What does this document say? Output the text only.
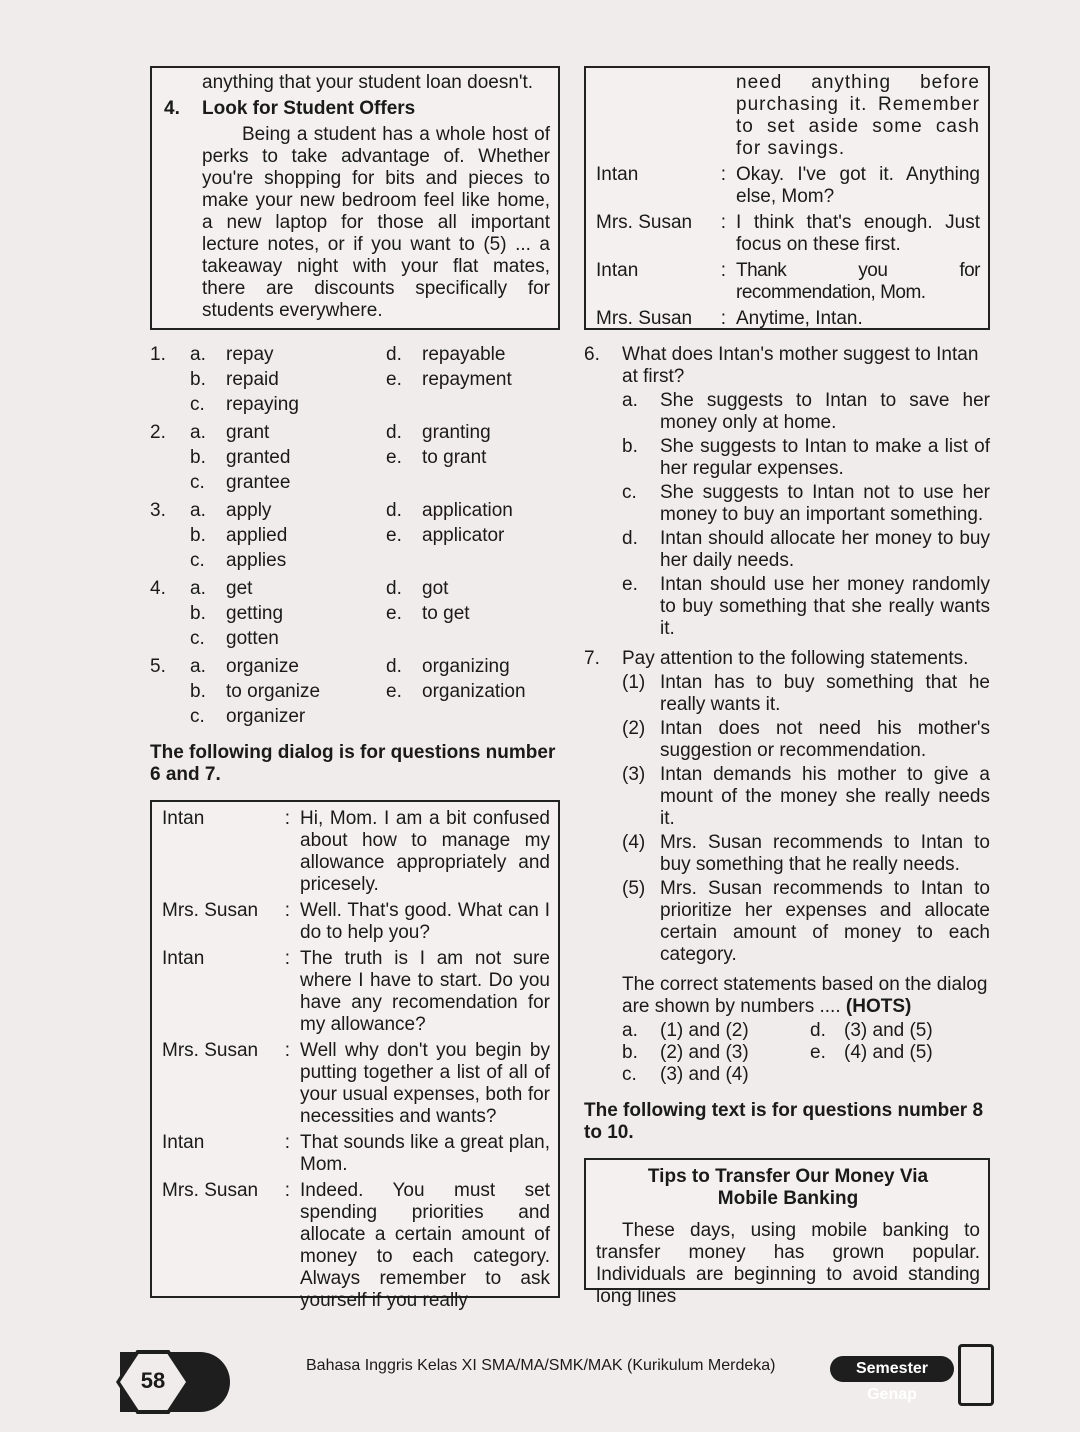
anything that your student loan doesn't.

4. Look for Student Offers

Being a student has a whole host of perks to take advantage of. Whether you're shopping for bits and pieces to make your new bedroom feel like home, a new laptop for those all important lecture notes, or if you want to (5) ... a takeaway night with your flat mates, there are discounts specifically for students everywhere.

1.	a.	repay	d.	repayable
b.	repaid	e.	repayment
c.	repaying
2.	a.	grant	d.	granting
b.	granted	e.	to grant
c.	grantee
3.	a.	apply	d.	application
b.	applied	e.	applicator
c.	applies
4.	a.	get	d.	got
b.	getting	e.	to get
c.	gotten
5.	a.	organize	d.	organizing
b.	to organize	e.	organization
c.	organizer

The following dialog is for questions number 6 and 7.

Intan	: Hi, Mom. I am a bit confused about how to manage my allowance appropriately and pricesely.
Mrs. Susan : Well. That's good. What can I do to help you?
Intan	: The truth is I am not sure where I have to start. Do you have any recomendation for my allowance?
Mrs. Susan : Well why don't you begin by putting together a list of all of your usual expenses, both for necessities and wants?
Intan	: That sounds like a great plan, Mom.
Mrs. Susan : Indeed. You must set spending priorities and allocate a certain amount of money to each category. Always remember to ask yourself if you really
need anything before purchasing it. Remember to set aside some cash for savings.
Intan	: Okay. I've got it. Anything else, Mom?
Mrs. Susan : I think that's enough. Just focus on these first.
Intan	: Thank you for recommendation, Mom.
Mrs. Susan : Anytime, Intan.
6.	What does Intan's mother suggest to Intan at first?
a.	She suggests to Intan to save her money only at home.
b.	She suggests to Intan to make a list of her regular expenses.
c.	She suggests to Intan not to use her money to buy an important something.
d.	Intan should allocate her money to buy her daily needs.
e.	Intan should use her money randomly to buy something that she really wants it.
7.	Pay attention to the following statements.
(1) Intan has to buy something that he really wants it.
(2) Intan does not need his mother's suggestion or recommendation.
(3) Intan demands his mother to give a mount of the money she really needs it.
(4) Mrs. Susan recommends to Intan to buy something that he really needs.
(5) Mrs. Susan recommends to Intan to prioritize her expenses and allocate certain amount of money to each category.

The correct statements based on the dialog are shown by numbers .... (HOTS)

a.	(1) and (2)	d. (3) and (5)
b.	(2) and (3)	e. (4) and (5)
c.	(3) and (4)

The following text is for questions number 8 to 10.

Tips to Transfer Our Money Via Mobile Banking

These days, using mobile banking to transfer money has grown popular. Individuals are beginning to avoid standing long lines

58
Bahasa Inggris Kelas XI SMA/MA/SMK/MAK (Kurikulum Merdeka)	Semester Genap
